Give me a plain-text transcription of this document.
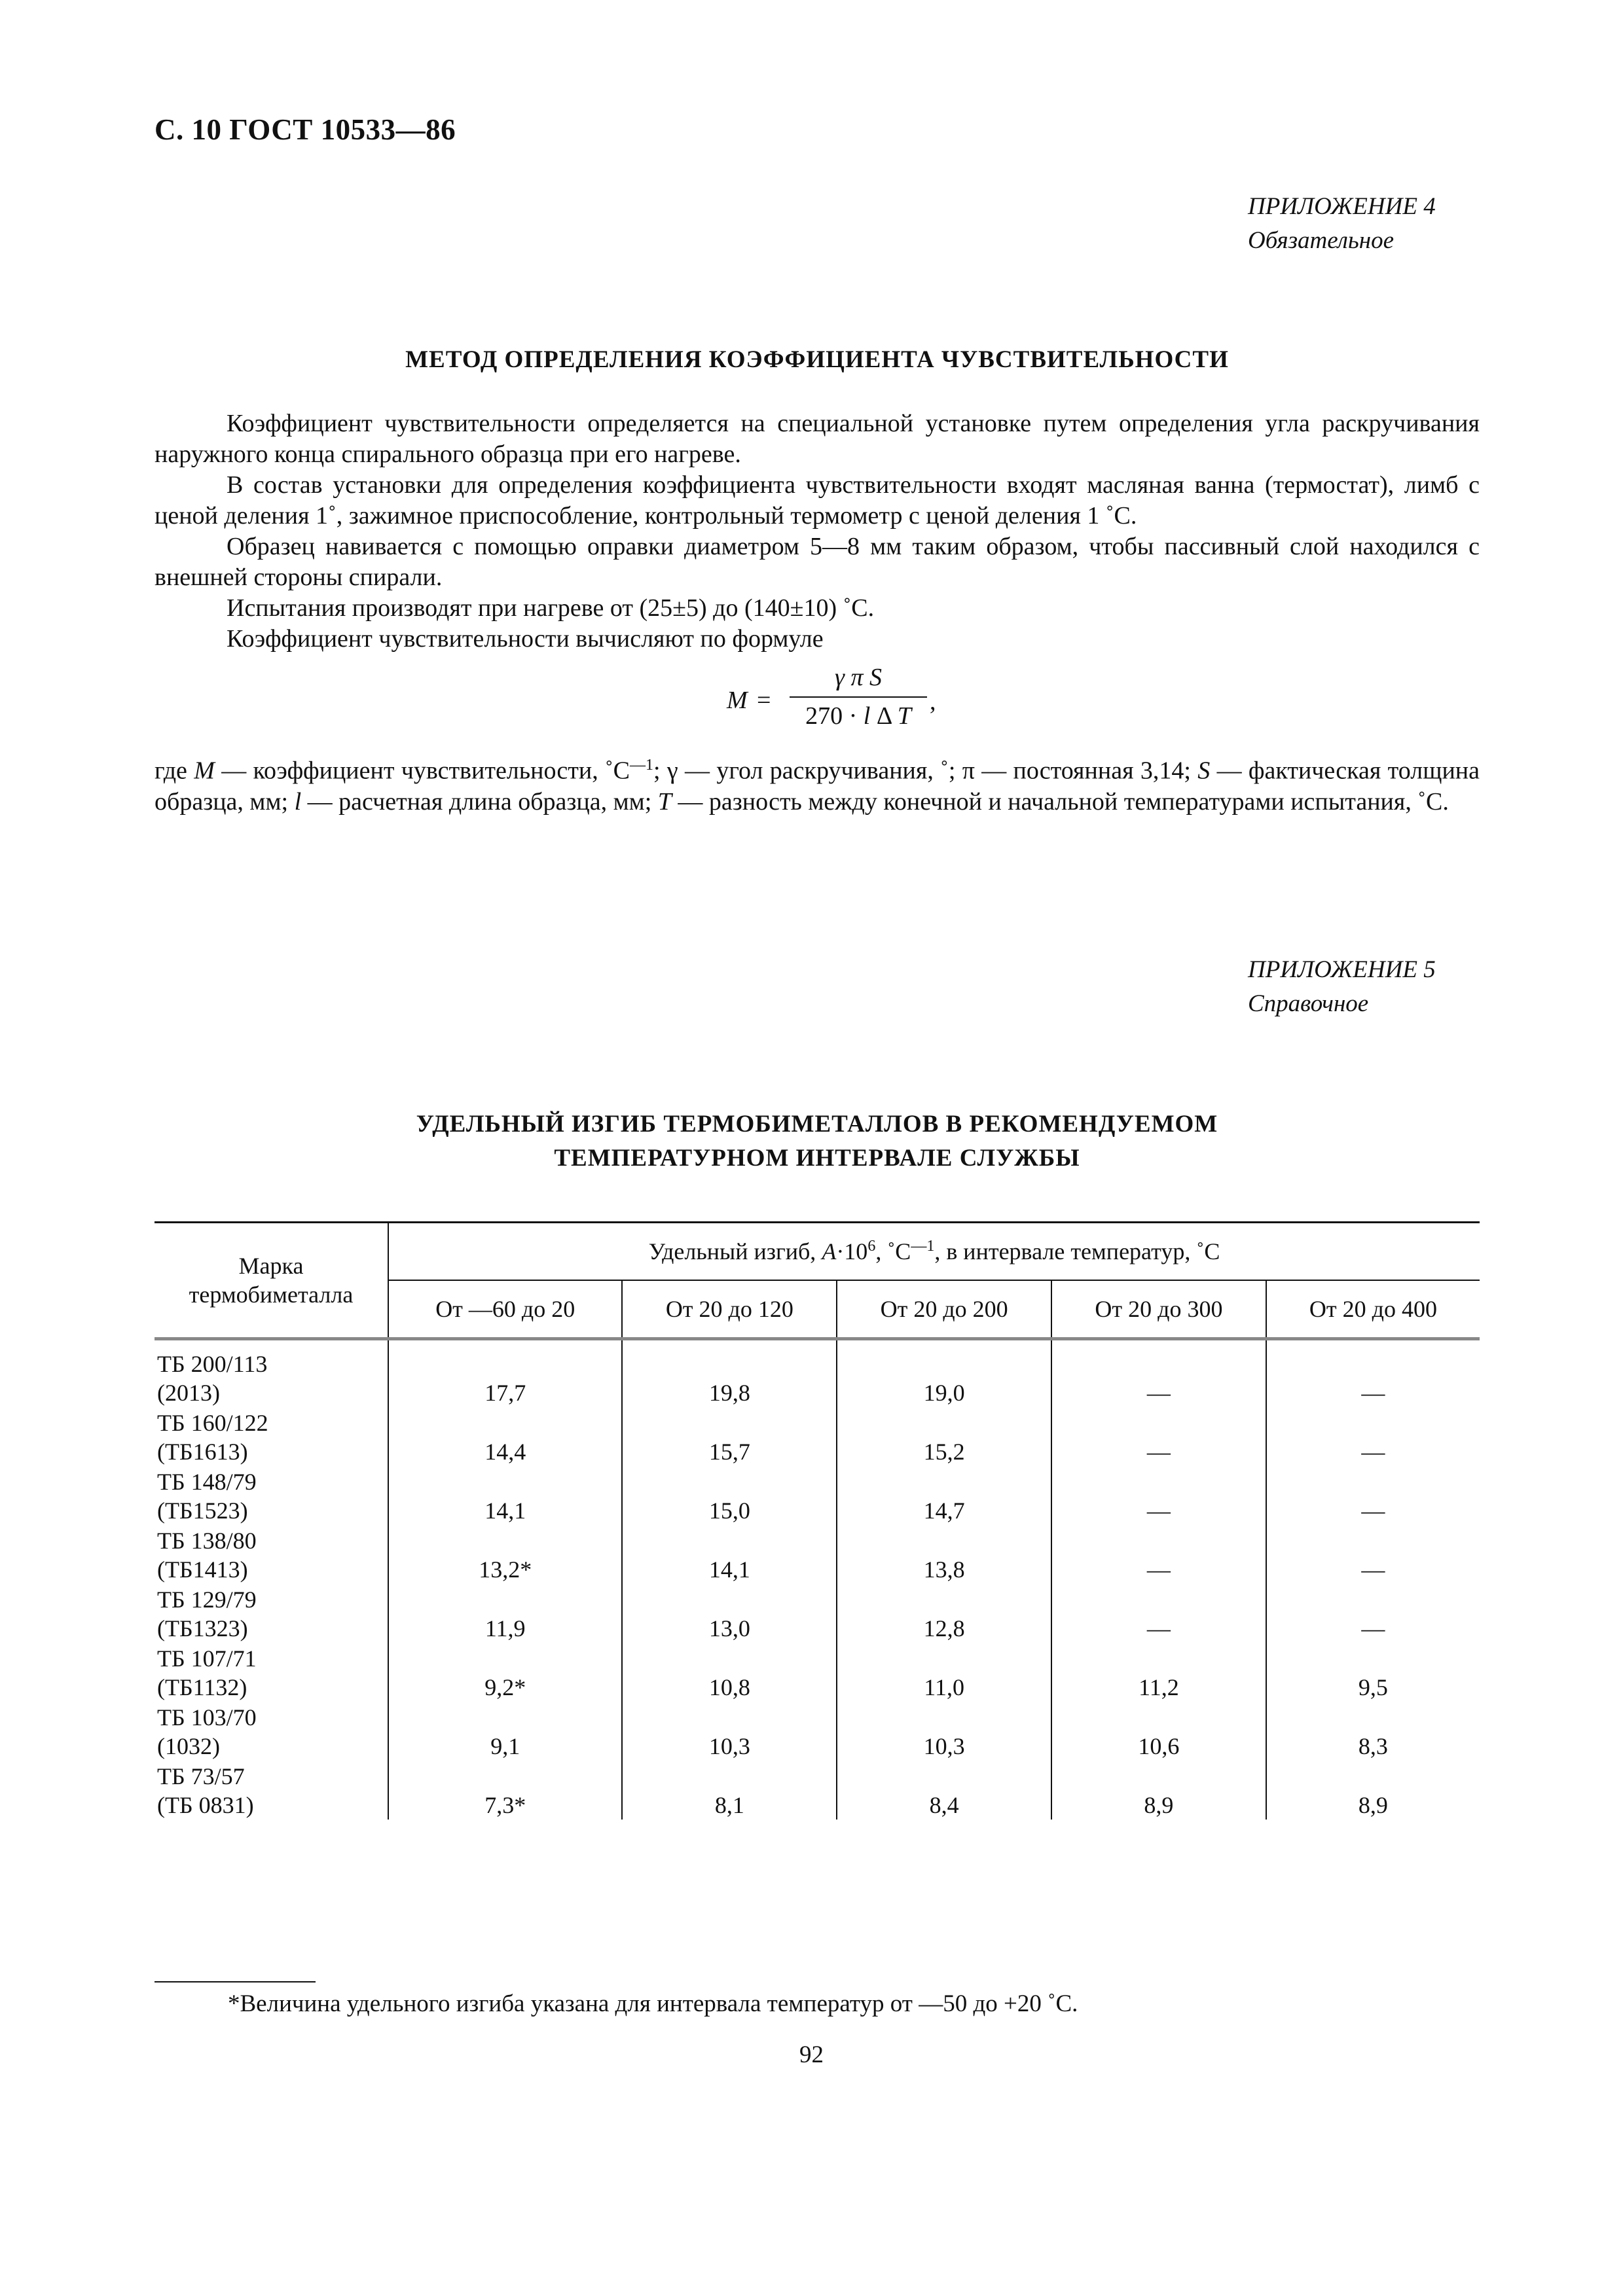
С. 10 ГОСТ 10533—86
ПРИЛОЖЕНИЕ 4
Обязательное
МЕТОД ОПРЕДЕЛЕНИЯ КОЭФФИЦИЕНТА ЧУВСТВИТЕЛЬНОСТИ

Коэффициент чувствительности определяется на специальной установке путем определения угла раскручивания наружного конца спирального образца при его нагреве.

В состав установки для определения коэффициента чувствительности входят масляная ванна (термостат), лимб с ценой деления 1˚, зажимное приспособление, контрольный термометр с ценой деления 1 ˚С.

Образец навивается с помощью оправки диаметром 5—8 мм таким образом, чтобы пассивный слой находился с внешней стороны спирали.

Испытания производят при нагреве от (25±5) до (140±10) ˚С.

Коэффициент чувствительности вычисляют по формуле

M =
γ π S
270 · l Δ T
,

где M — коэффициент чувствительности, $˚С^{—1}$; γ — угол раскручивания, ˚; π — постоянная 3,14; S — фактическая толщина образца, мм; l — расчетная длина образца, мм; T — разность между конечной и начальной температурами испытания, ˚С.

ПРИЛОЖЕНИЕ 5
Справочное
УДЕЛЬНЫЙ ИЗГИБ ТЕРМОБИМЕТАЛЛОВ В РЕКОМЕНДУЕМОМ
ТЕМПЕРАТУРНОМ ИНТЕРВАЛЕ СЛУЖБЫ
Марка
термобиметалла	Удельный изгиб, $A\cdot 10^6$, $˚С^{—1}$, в интервале температур, ˚С				
	От —60 до 20	От 20 до 120	От 20 до 200	От 20 до 300	От 20 до 400

ТБ 200/113
(2013)	17,7	19,8	19,0	—	—

ТБ 160/122
(ТБ1613)	14,4	15,7	15,2	—	—

ТБ 148/79
(ТБ1523)	14,1	15,0	14,7	—	—

ТБ 138/80
(ТБ1413)	13,2*	14,1	13,8	—	—

ТБ 129/79
(ТБ1323)	11,9	13,0	12,8	—	—

ТБ 107/71
(ТБ1132)	9,2*	10,8	11,0	11,2	9,5

ТБ 103/70
(1032)	9,1	10,3	10,3	10,6	8,3

ТБ 73/57
(ТБ 0831)	7,3*	8,1	8,4	8,9	8,9
*Величина удельного изгиба указана для интервала температур от —50 до +20 ˚С.
92
